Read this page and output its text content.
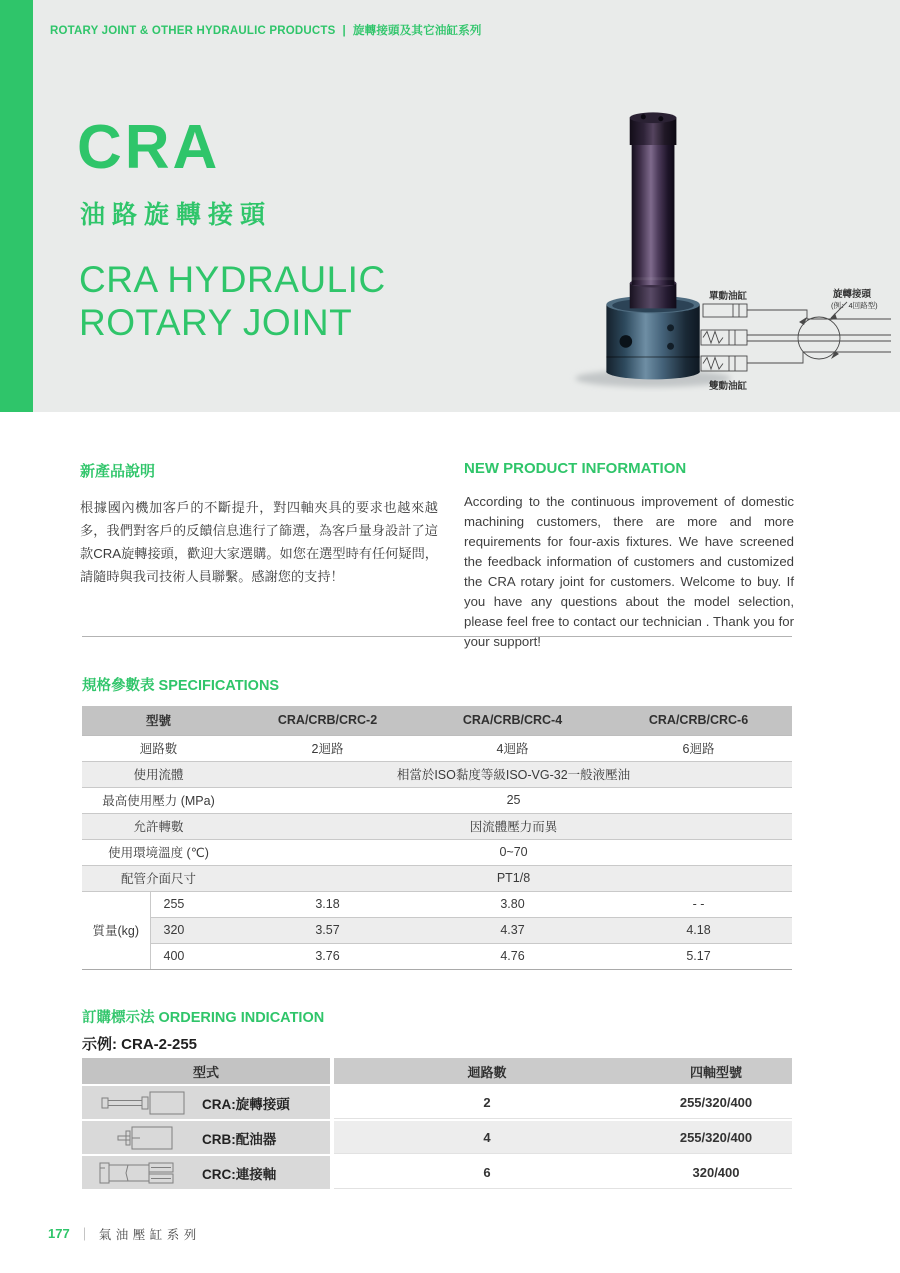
ROTARY JOINT & OTHER HYDRAULIC PRODUCTS | 旋轉接頭及其它油缸系列
CRA
油路旋轉接頭
CRA HYDRAULIC
ROTARY JOINT
單動油缸	旋轉接頭
(例：4回路型)
雙動油缸
新產品說明
根據國內機加客戶的不斷提升，對四軸夾具的要求也越來越多，我們對客戶的反饋信息進行了篩選，為客戶量身設計了這款CRA旋轉接頭，歡迎大家選購。如您在選型時有任何疑問，請隨時與我司技術人員聯繫。感謝您的支持！
NEW PRODUCT INFORMATION
According to the continuous improvement of domestic machining customers, there are more and more requirements for four-axis fixtures. We have screened the feedback information of customers and customized the CRA rotary joint for customers. Welcome to buy. If you have any questions about the model selection, please feel free to contact our technician . Thank you for your support!
規格參數表 SPECIFICATIONS
型號		CRA/CRB/CRC-2	CRA/CRB/CRC-4	CRA/CRB/CRC-6
迴路數		2迴路	4迴路	6迴路
使用流體		相當於ISO黏度等級ISO-VG-32一般液壓油		
最高使用壓力 (MPa)		25		
允許轉數		因流體壓力而異		
使用環境溫度 (℃)		0~70		
配管介面尺寸		PT1/8		
質量(kg)	255	3.18	3.80	- -
	320	3.57	4.37	4.18
	400	3.76	4.76	5.17
訂購標示法 ORDERING INDICATION
示例: CRA-2-255
型式	迴路數	四軸型號
CRA:旋轉接頭	2	255/320/400
CRB:配油器	4	255/320/400
CRC:連接軸	6	320/400
177 ｜ 氣油壓缸系列
